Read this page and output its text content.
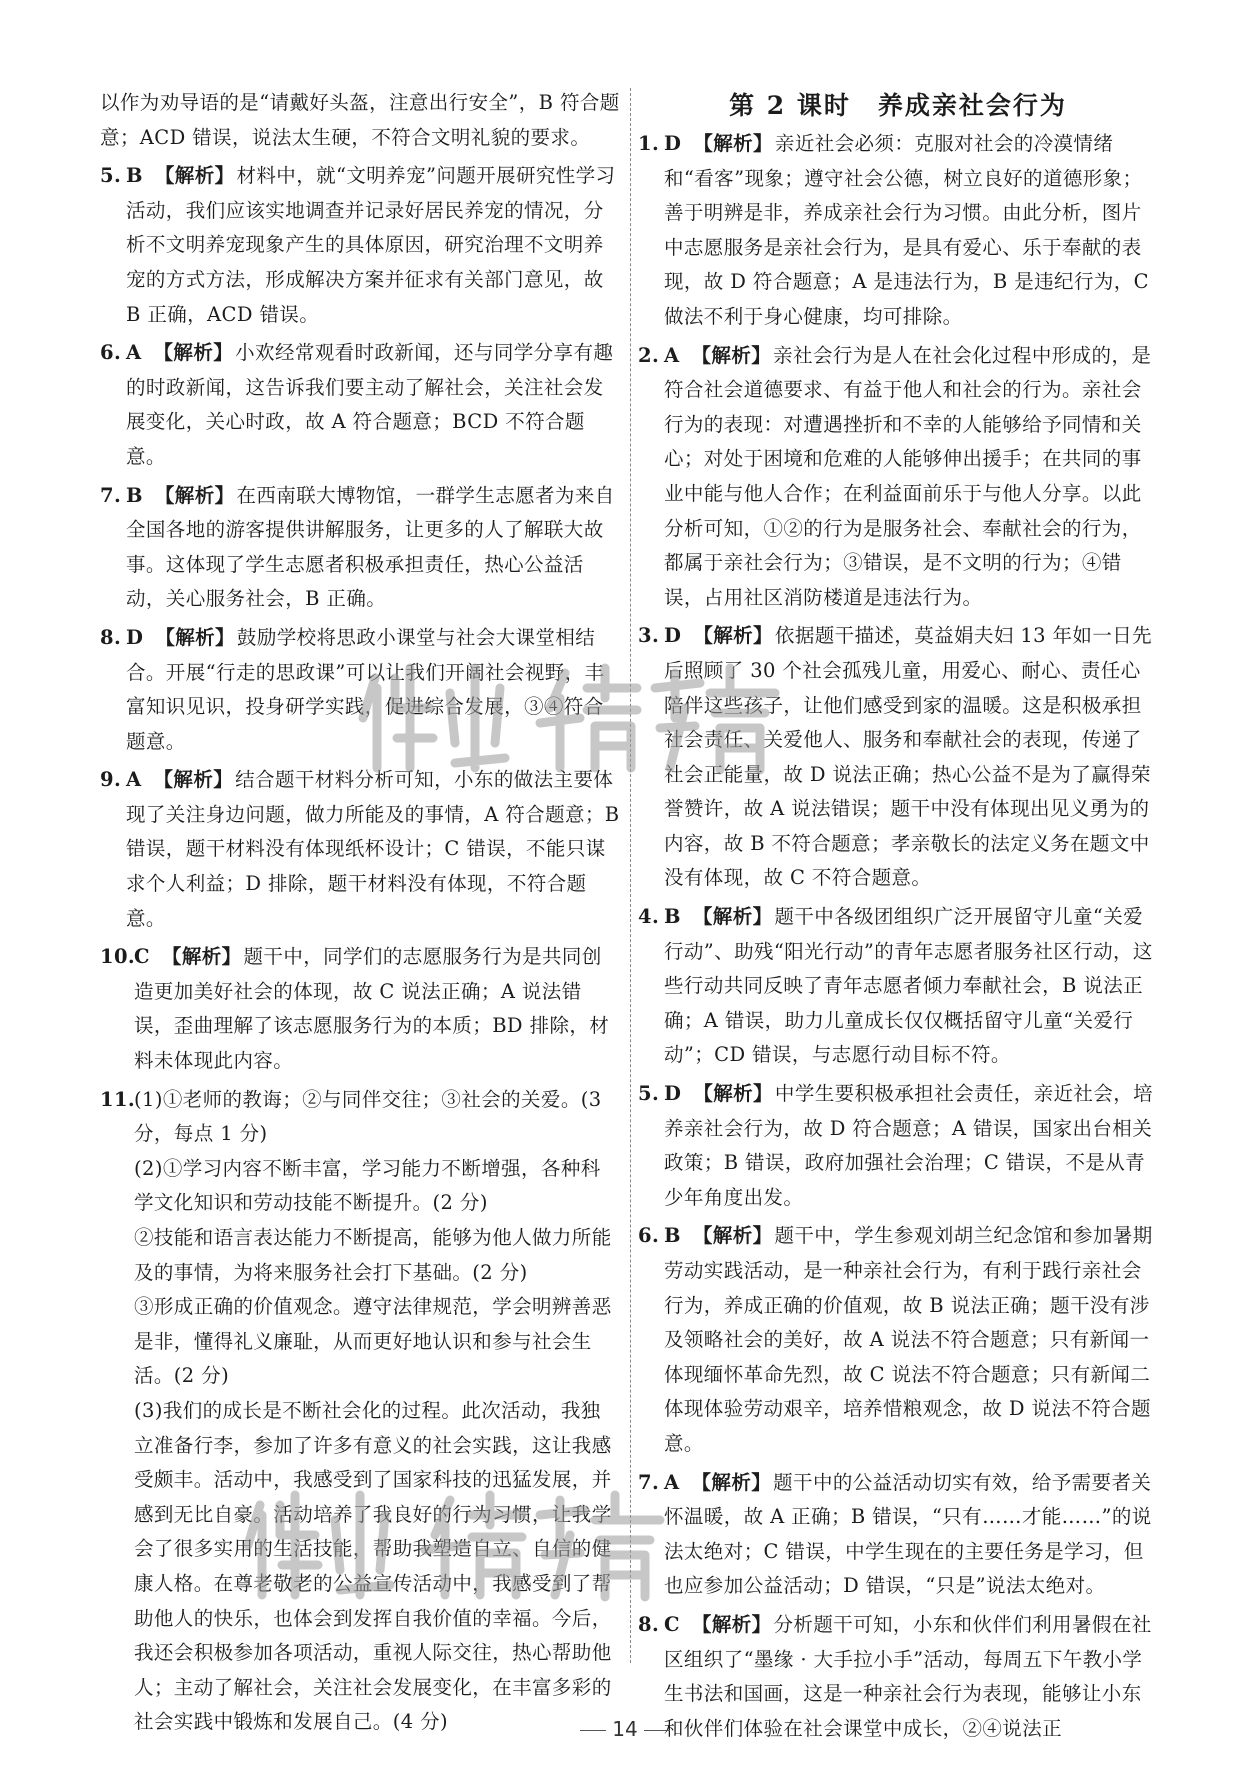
以作为劝导语的是“请戴好头盔，注意出行安全”，B 符合题意；ACD 错误，说法太生硬，不符合文明礼貌的要求。

5. B 【解析】 材料中，就“文明养宠”问题开展研究性学习活动，我们应该实地调查并记录好居民养宠的情况，分析不文明养宠现象产生的具体原因，研究治理不文明养宠的方式方法，形成解决方案并征求有关部门意见，故 B 正确，ACD 错误。
6. A 【解析】 小欢经常观看时政新闻，还与同学分享有趣的时政新闻，这告诉我们要主动了解社会，关注社会发展变化，关心时政，故 A 符合题意；BCD 不符合题意。
7. B 【解析】 在西南联大博物馆，一群学生志愿者为来自全国各地的游客提供讲解服务，让更多的人了解联大故事。这体现了学生志愿者积极承担责任，热心公益活动，关心服务社会，B 正确。
8. D 【解析】 鼓励学校将思政小课堂与社会大课堂相结合。开展“行走的思政课”可以让我们开阔社会视野，丰富知识见识，投身研学实践，促进综合发展，③④符合题意。
9. A 【解析】 结合题干材料分析可知，小东的做法主要体现了关注身边问题，做力所能及的事情，A 符合题意；B 错误，题干材料没有体现纸杯设计；C 错误，不能只谋求个人利益；D 排除，题干材料没有体现，不符合题意。
10.
C 【解析】 题干中，同学们的志愿服务行为是共同创造更加美好社会的体现，故 C 说法正确；A 说法错误，歪曲理解了该志愿服务行为的本质；BD 排除，材料未体现此内容。
11.

(1)①老师的教诲；②与同伴交往；③社会的关爱。(3 分，每点 1 分)

(2)①学习内容不断丰富，学习能力不断增强，各种科学文化知识和劳动技能不断提升。(2 分)

②技能和语言表达能力不断提高，能够为他人做力所能及的事情，为将来服务社会打下基础。(2 分)

③形成正确的价值观念。遵守法律规范，学会明辨善恶是非，懂得礼义廉耻，从而更好地认识和参与社会生活。(2 分)

(3)我们的成长是不断社会化的过程。此次活动，我独立准备行李，参加了许多有意义的社会实践，这让我感受颇丰。活动中，我感受到了国家科技的迅猛发展，并感到无比自豪。活动培养了我良好的行为习惯，让我学会了很多实用的生活技能，帮助我塑造自立、自信的健康人格。在尊老敬老的公益宣传活动中，我感受到了帮助他人的快乐，也体会到发挥自我价值的幸福。今后，我还会积极参加各项活动，重视人际交往，热心帮助他人；主动了解社会，关注社会发展变化，在丰富多彩的社会实践中锻炼和发展自己。(4 分)

第 2 课时　养成亲社会行为
1. D 【解析】 亲近社会必须：克服对社会的冷漠情绪和“看客”现象；遵守社会公德，树立良好的道德形象；善于明辨是非，养成亲社会行为习惯。由此分析，图片中志愿服务是亲社会行为，是具有爱心、乐于奉献的表现，故 D 符合题意；A 是违法行为，B 是违纪行为，C 做法不利于身心健康，均可排除。
2. A 【解析】 亲社会行为是人在社会化过程中形成的，是符合社会道德要求、有益于他人和社会的行为。亲社会行为的表现：对遭遇挫折和不幸的人能够给予同情和关心；对处于困境和危难的人能够伸出援手；在共同的事业中能与他人合作；在利益面前乐于与他人分享。以此分析可知，①②的行为是服务社会、奉献社会的行为，都属于亲社会行为；③错误，是不文明的行为；④错误，占用社区消防楼道是违法行为。
3. D 【解析】 依据题干描述，莫益娟夫妇 13 年如一日先后照顾了 30 个社会孤残儿童，用爱心、耐心、责任心陪伴这些孩子，让他们感受到家的温暖。这是积极承担社会责任、关爱他人、服务和奉献社会的表现，传递了社会正能量，故 D 说法正确；热心公益不是为了赢得荣誉赞许，故 A 说法错误；题干中没有体现出见义勇为的内容，故 B 不符合题意；孝亲敬长的法定义务在题文中没有体现，故 C 不符合题意。
4. B 【解析】 题干中各级团组织广泛开展留守儿童“关爱行动”、助残“阳光行动”的青年志愿者服务社区行动，这些行动共同反映了青年志愿者倾力奉献社会，B 说法正确；A 错误，助力儿童成长仅仅概括留守儿童“关爱行动”；CD 错误，与志愿行动目标不符。
5. D 【解析】 中学生要积极承担社会责任，亲近社会，培养亲社会行为，故 D 符合题意；A 错误，国家出台相关政策；B 错误，政府加强社会治理；C 错误，不是从青少年角度出发。
6. B 【解析】 题干中，学生参观刘胡兰纪念馆和参加暑期劳动实践活动，是一种亲社会行为，有利于践行亲社会行为，养成正确的价值观，故 B 说法正确；题干没有涉及领略社会的美好，故 A 说法不符合题意；只有新闻一体现缅怀革命先烈，故 C 说法不符合题意；只有新闻二体现体验劳动艰辛，培养惜粮观念，故 D 说法不符合题意。
7. A 【解析】 题干中的公益活动切实有效，给予需要者关怀温暖，故 A 正确；B 错误，“只有……才能……”的说法太绝对；C 错误，中学生现在的主要任务是学习，但也应参加公益活动；D 错误，“只是”说法太绝对。
8. C 【解析】 分析题干可知，小东和伙伴们利用暑假在社区组织了“墨缘 · 大手拉小手”活动，每周五下午教小学生书法和国画，这是一种亲社会行为表现，能够让小东和伙伴们体验在社会课堂中成长，②④说法正
14
